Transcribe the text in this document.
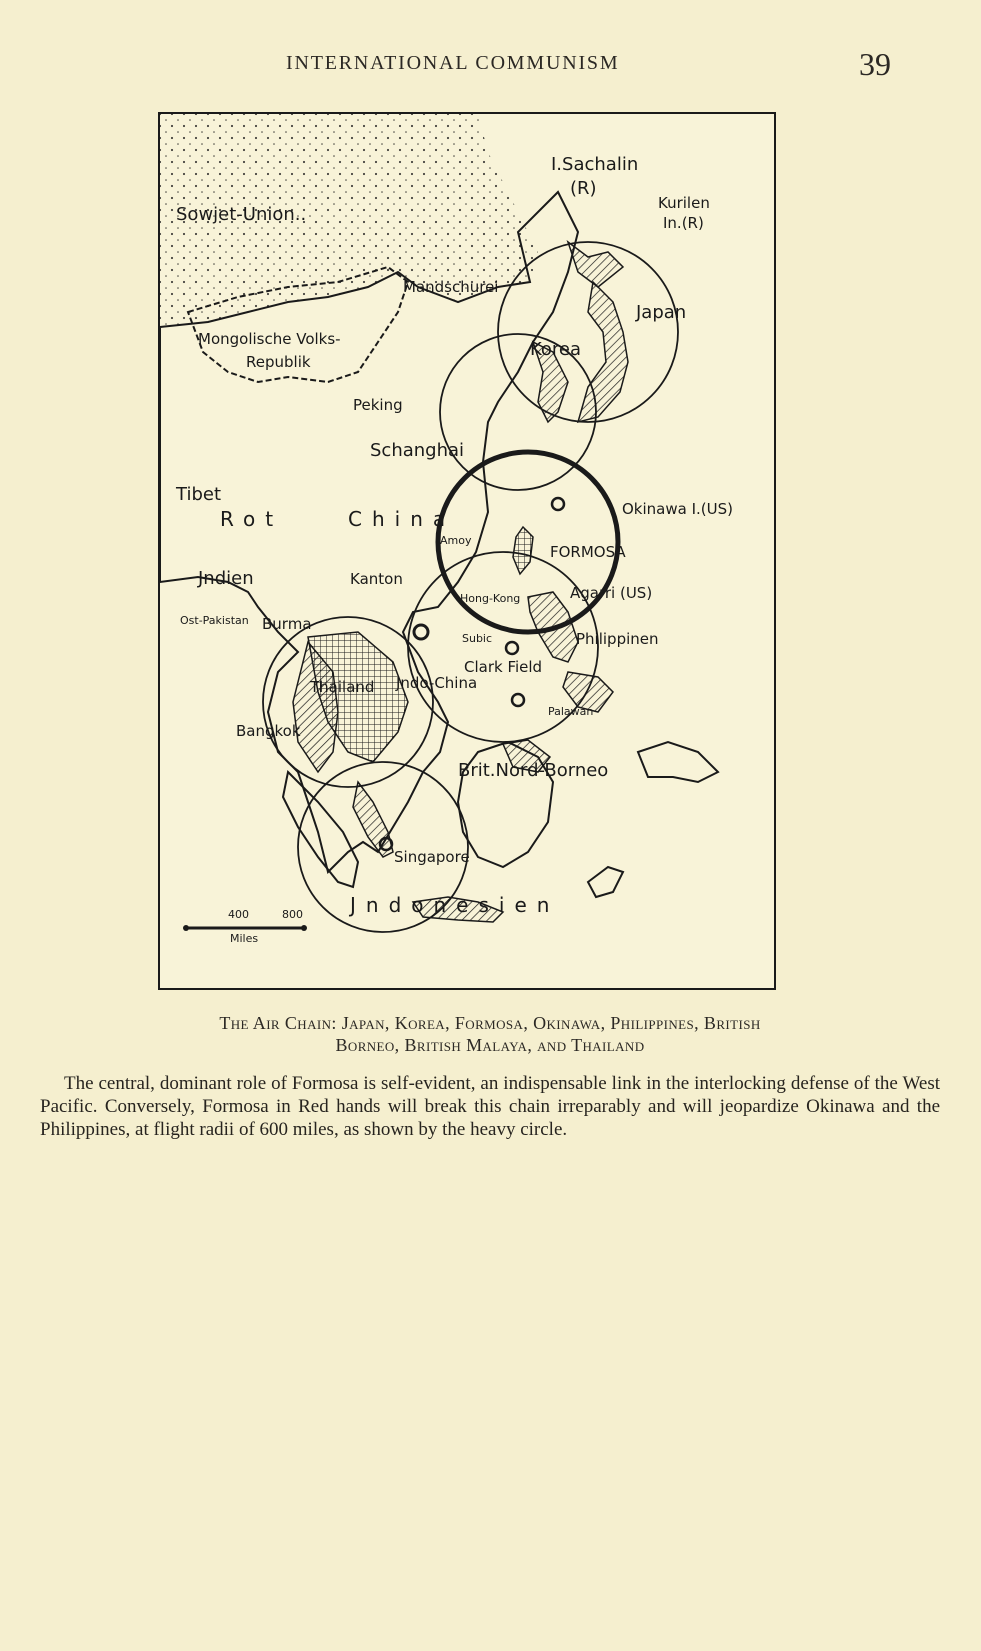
INTERNATIONAL COMMUNISM	39
I.Sachalin
(R)
Kurilen
In.(R)
Sowjet-Union..
Mandschurei
Japan
Mongolische Volks-
Republik
Korea
Peking
Schanghai
Tibet
Rot	China	Okinawa I.(US)
Amoy
FORMOSA
Jndien	Kanton
Ost-Pakistan Burma
Hong-Kong	Agarri (US)
Subic	Philippinen
Thailand Jndo-China
Clark Field
Bangkok
Palawan
Brit.Nord-Borneo
Singapore
Jndonesien
400	800
Miles
The Air Chain: Japan, Korea, Formosa, Okinawa, Philippines, British
Borneo, British Malaya, and Thailand

The central, dominant role of Formosa is self-evident, an indispensable link in the interlocking defense of the West Pacific. Conversely, Formosa in Red hands will break this chain irreparably and will jeopardize Okinawa and the Philippines, at flight radii of 600 miles, as shown by the heavy circle.
